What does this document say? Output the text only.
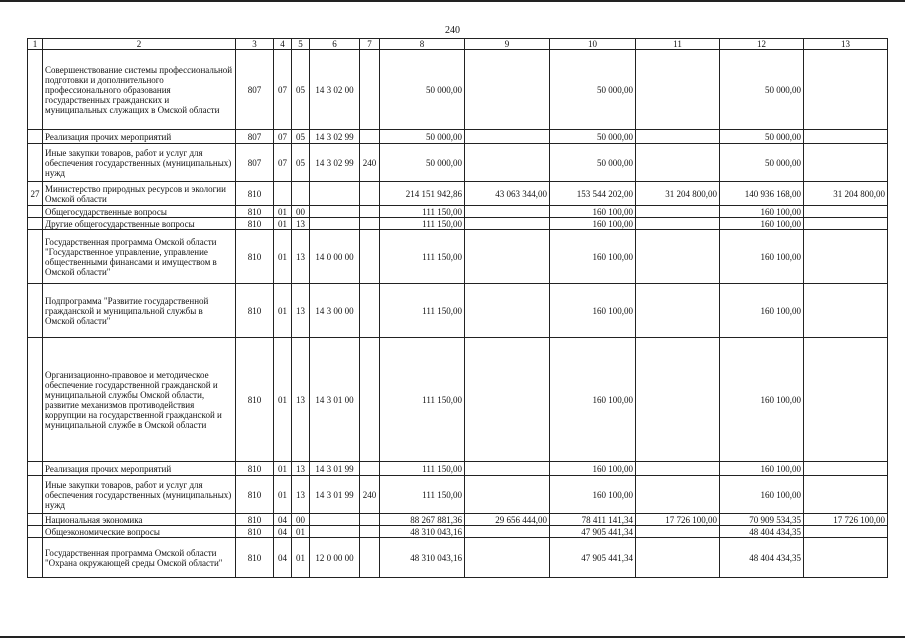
240
1	2	3	4	5	6	7	8	9	10	11	12	13
	Совершенствование системы профессиональной подготовки и дополнительного профессионального образования государственных гражданских и муниципальных служащих в Омской области	807	07	05	14 3 02 00		50 000,00		50 000,00		50 000,00	
	Реализация прочих мероприятий	807	07	05	14 3 02 99		50 000,00		50 000,00		50 000,00	
	Иные закупки товаров, работ и услуг для обеспечения государственных (муниципальных) нужд	807	07	05	14 3 02 99	240	50 000,00		50 000,00		50 000,00	
27	Министерство природных ресурсов и экологии Омской области	810					214 151 942,86	43 063 344,00	153 544 202,00	31 204 800,00	140 936 168,00	31 204 800,00
	Общегосударственные вопросы	810	01	00			111 150,00		160 100,00		160 100,00	
	Другие общегосударственные вопросы	810	01	13			111 150,00		160 100,00		160 100,00	
	Государственная программа Омской области "Государственное управление, управление общественными финансами и имуществом в Омской области"	810	01	13	14 0 00 00		111 150,00		160 100,00		160 100,00	
	Подпрограмма "Развитие государственной гражданской и муниципальной службы в Омской области"	810	01	13	14 3 00 00		111 150,00		160 100,00		160 100,00	
	Организационно-правовое и методическое обеспечение государственной гражданской и муниципальной службы Омской области, развитие механизмов противодействия коррупции на государственной гражданской и муниципальной службе в Омской области	810	01	13	14 3 01 00		111 150,00		160 100,00		160 100,00	
	Реализация прочих мероприятий	810	01	13	14 3 01 99		111 150,00		160 100,00		160 100,00	
	Иные закупки товаров, работ и услуг для обеспечения государственных (муниципальных) нужд	810	01	13	14 3 01 99	240	111 150,00		160 100,00		160 100,00	
	Национальная экономика	810	04	00			88 267 881,36	29 656 444,00	78 411 141,34	17 726 100,00	70 909 534,35	17 726 100,00
	Общеэкономические вопросы	810	04	01			48 310 043,16		47 905 441,34		48 404 434,35	
	Государственная программа Омской области "Охрана окружающей среды Омской области"	810	04	01	12 0 00 00		48 310 043,16		47 905 441,34		48 404 434,35	
